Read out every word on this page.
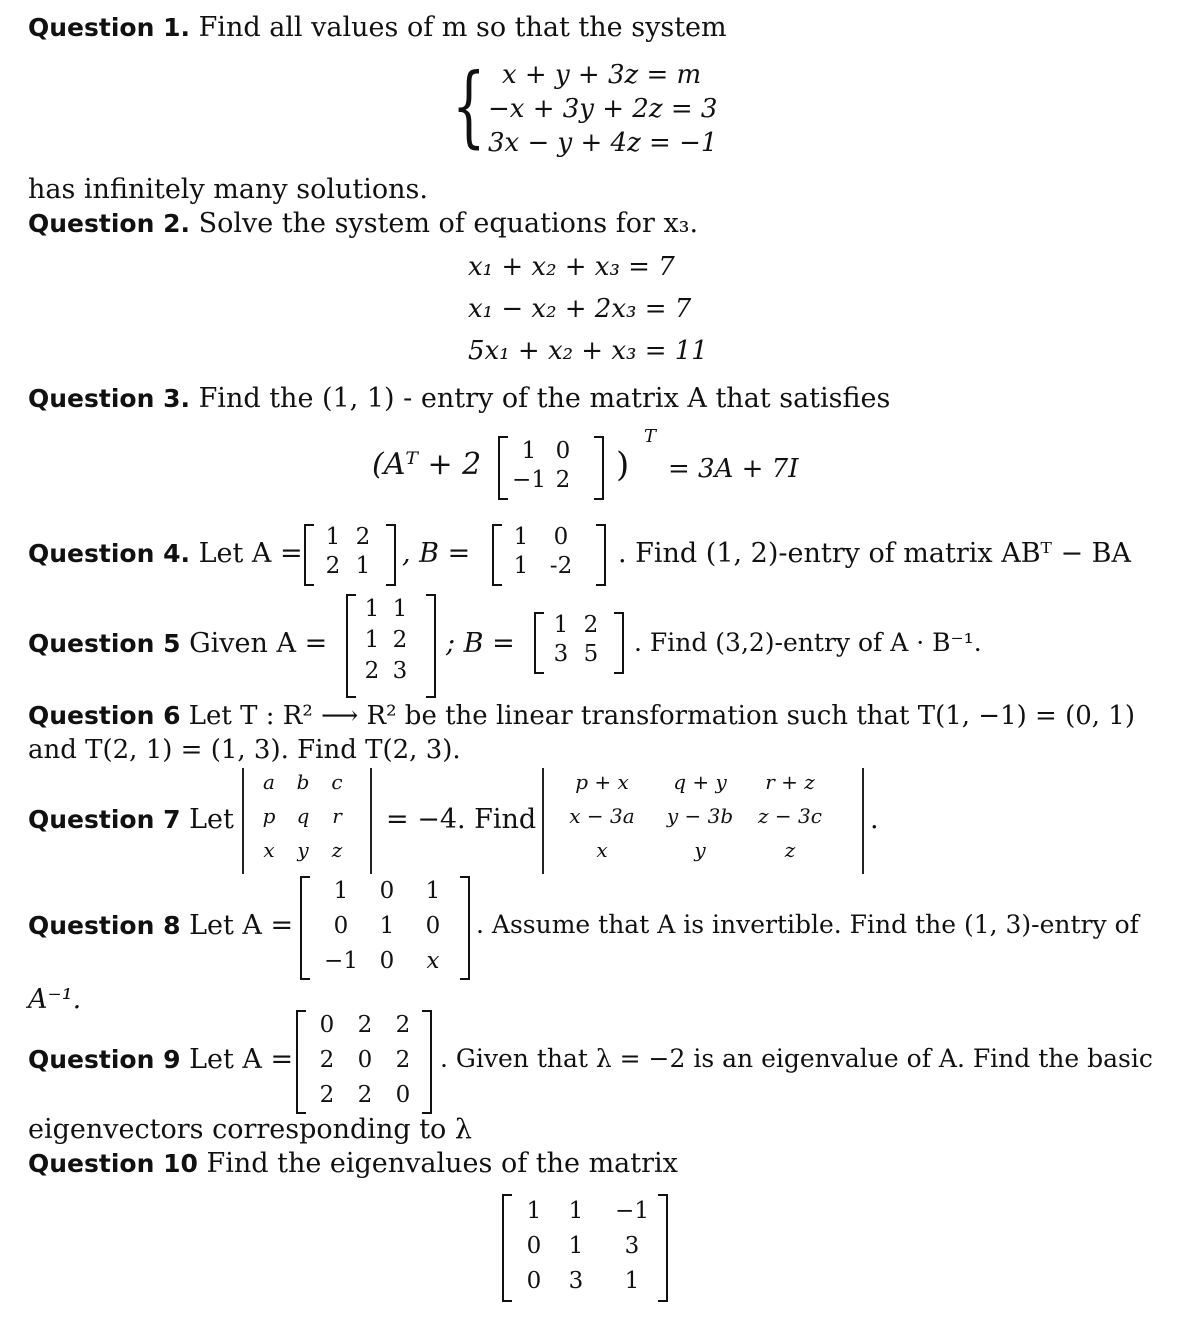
Question 1. Find all values of m so that the system
{ x + y + 3z = m
−x + 3y + 2z = 3
3x − y + 4z = −1
has infinitely many solutions.
Question 2. Solve the system of equations for x₃.
x₁ + x₂ + x₃ = 7
x₁ − x₂ + 2x₃ = 7
5x₁ + x₂ + x₃ = 11
Question 3. Find the (1, 1) - entry of the matrix A that satisfies
(Aᵀ + 2	1 0
−1 2 )
T
= 3A + 7I
Question 4. Let A =
1 2
2 1 , B =
1	0
1 -2	. Find (1, 2)-entry of matrix ABᵀ − BA
Question 5 Given A =
1 1
1 2
2 3
; B =
1 2
3 5	. Find (3,2)-entry of A · B⁻¹.
Question 6 Let T : R² ⟶ R² be the linear transformation such that T(1, −1) = (0, 1)
and T(2, 1) = (1, 3). Find T(2, 3).
Question 7 Let
a	b	c
p	q	r
x	y	z
= −4. Find
p + x	q + y	r + z
x − 3a	y − 3b	z − 3c
x	y	z
.
Question 8 Let A =
1	0	1
0	1	0
−1 0	x
. Assume that A is invertible. Find the (1, 3)-entry of
A⁻¹.
Question 9 Let A =
0	2	2
2	0	2
2	2	0
. Given that λ = −2 is an eigenvalue of A. Find the basic
eigenvectors corresponding to λ
Question 10 Find the eigenvalues of the matrix
1	1	−1
0	1	3
0	3	1
